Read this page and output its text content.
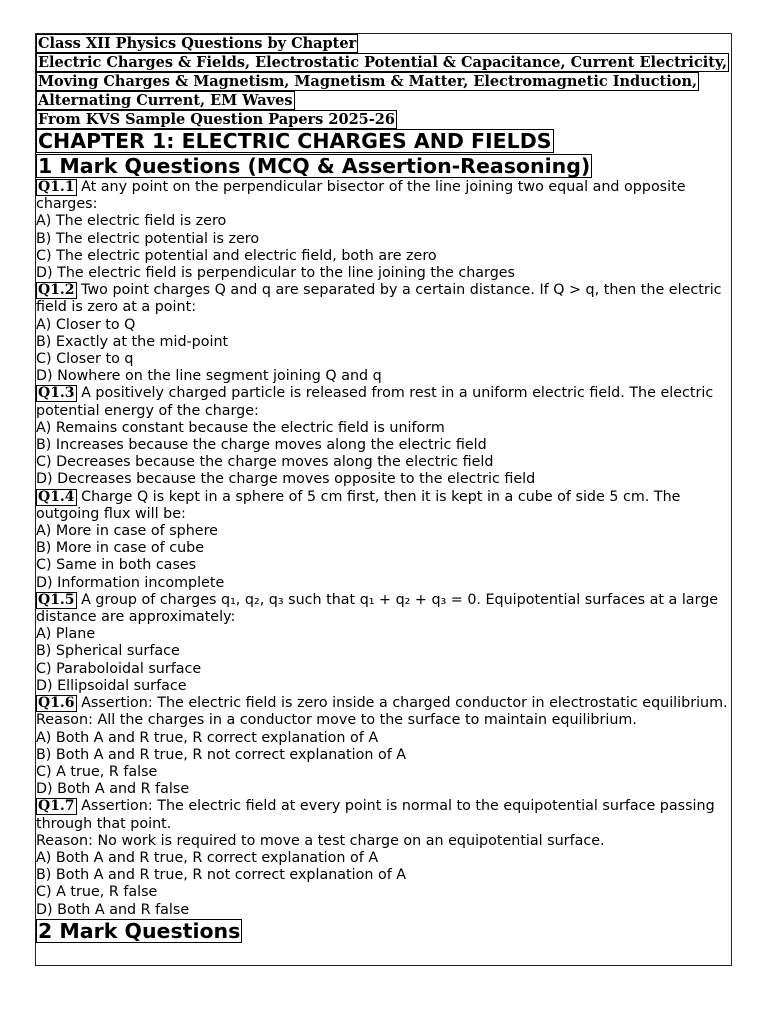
Class XII Physics Questions by Chapter
Electric Charges & Fields, Electrostatic Potential & Capacitance, Current Electricity,
Moving Charges & Magnetism, Magnetism & Matter, Electromagnetic Induction,
Alternating Current, EM Waves
From KVS Sample Question Papers 2025-26
CHAPTER 1: ELECTRIC CHARGES AND FIELDS
1 Mark Questions (MCQ & Assertion-Reasoning)
Q1.1 At any point on the perpendicular bisector of the line joining two equal and opposite charges:
A) The electric field is zero
B) The electric potential is zero
C) The electric potential and electric field, both are zero
D) The electric field is perpendicular to the line joining the charges
Q1.2 Two point charges Q and q are separated by a certain distance. If Q > q, then the electric field is zero at a point:
A) Closer to Q
B) Exactly at the mid-point
C) Closer to q
D) Nowhere on the line segment joining Q and q
Q1.3 A positively charged particle is released from rest in a uniform electric field. The electric potential energy of the charge:
A) Remains constant because the electric field is uniform
B) Increases because the charge moves along the electric field
C) Decreases because the charge moves along the electric field
D) Decreases because the charge moves opposite to the electric field
Q1.4 Charge Q is kept in a sphere of 5 cm first, then it is kept in a cube of side 5 cm. The outgoing flux will be:
A) More in case of sphere
B) More in case of cube
C) Same in both cases
D) Information incomplete
Q1.5 A group of charges q₁, q₂, q₃ such that q₁ + q₂ + q₃ = 0. Equipotential surfaces at a large distance are approximately:
A) Plane
B) Spherical surface
C) Paraboloidal surface
D) Ellipsoidal surface
Q1.6 Assertion: The electric field is zero inside a charged conductor in electrostatic equilibrium.
Reason: All the charges in a conductor move to the surface to maintain equilibrium.
A) Both A and R true, R correct explanation of A
B) Both A and R true, R not correct explanation of A
C) A true, R false
D) Both A and R false
Q1.7 Assertion: The electric field at every point is normal to the equipotential surface passing through that point.
Reason: No work is required to move a test charge on an equipotential surface.
A) Both A and R true, R correct explanation of A
B) Both A and R true, R not correct explanation of A
C) A true, R false
D) Both A and R false
2 Mark Questions
